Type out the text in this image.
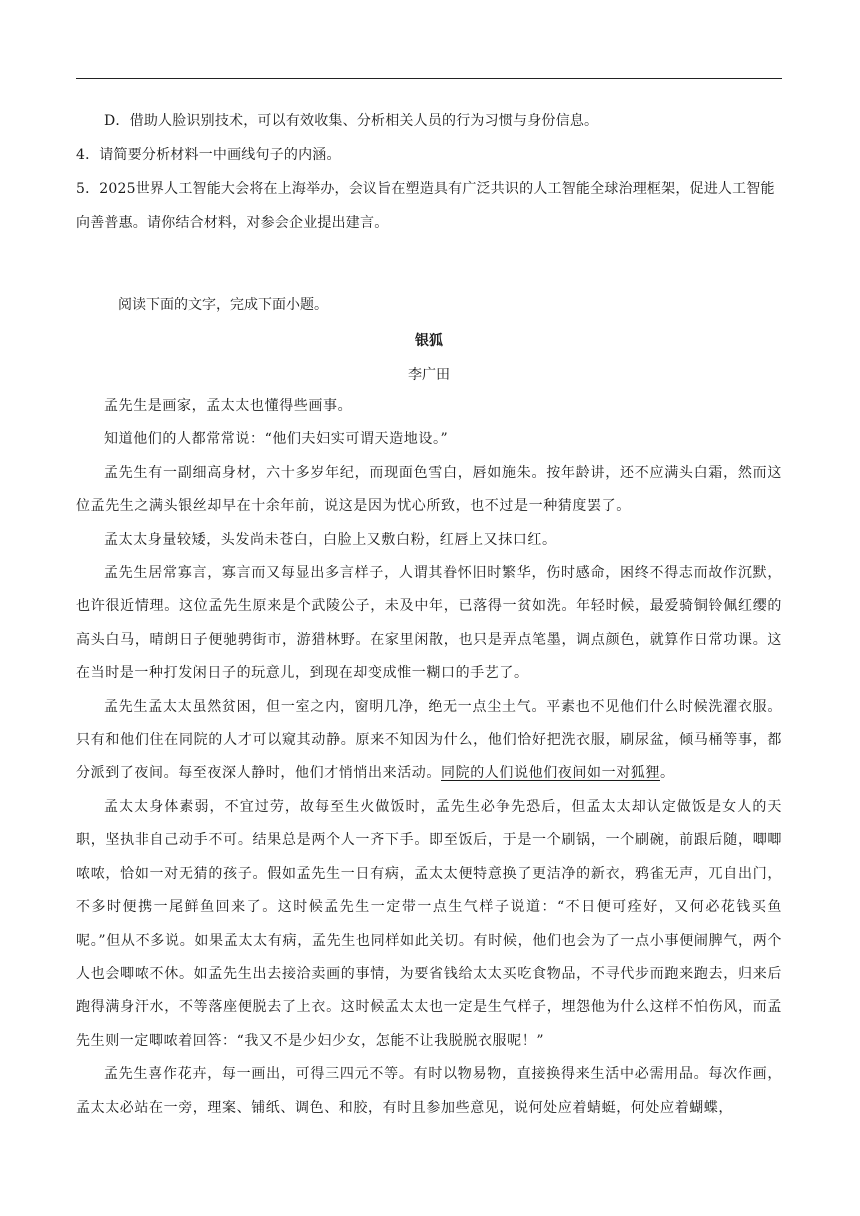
D．借助人脸识别技术，可以有效收集、分析相关人员的行为习惯与身份信息。

4．请简要分析材料一中画线句子的内涵。

5．2025世界人工智能大会将在上海举办，会议旨在塑造具有广泛共识的人工智能全球治理框架，促进人工智能向善普惠。请你结合材料，对参会企业提出建言。

阅读下面的文字，完成下面小题。

银狐

李广田

孟先生是画家，孟太太也懂得些画事。

知道他们的人都常常说：“他们夫妇实可谓天造地设。”

孟先生有一副细高身材，六十多岁年纪，而现面色雪白，唇如施朱。按年龄讲，还不应满头白霜，然而这位孟先生之满头银丝却早在十余年前，说这是因为忧心所致，也不过是一种猜度罢了。

孟太太身量较矮，头发尚未苍白，白脸上又敷白粉，红唇上又抹口红。

孟先生居常寡言，寡言而又每显出多言样子，人谓其眷怀旧时繁华，伤时感命，困终不得志而故作沉默，也许很近情理。这位孟先生原来是个武陵公子，未及中年，已落得一贫如洗。年轻时候，最爱骑铜铃佩红缨的高头白马，晴朗日子便驰骋街市，游猎林野。在家里闲散，也只是弄点笔墨，调点颜色，就算作日常功课。这在当时是一种打发闲日子的玩意儿，到现在却变成惟一糊口的手艺了。

孟先生孟太太虽然贫困，但一室之内，窗明几净，绝无一点尘土气。平素也不见他们什么时候洗濯衣服。只有和他们住在同院的人才可以窥其动静。原来不知因为什么，他们恰好把洗衣服，刷尿盆，倾马桶等事，都分派到了夜间。每至夜深人静时，他们才悄悄出来活动。同院的人们说他们夜间如一对狐狸。

孟太太身体素弱，不宜过劳，故每至生火做饭时，孟先生必争先恐后，但孟太太却认定做饭是女人的天职，坚执非自己动手不可。结果总是两个人一齐下手。即至饭后，于是一个刷锅，一个刷碗，前跟后随，唧唧哝哝，恰如一对无猜的孩子。假如孟先生一日有病，孟太太便特意换了更洁净的新衣，鸦雀无声，兀自出门，不多时便携一尾鲜鱼回来了。这时候孟先生一定带一点生气样子说道：“不日便可痊好，又何必花钱买鱼呢。”但从不多说。如果孟太太有病，孟先生也同样如此关切。有时候，他们也会为了一点小事便闹脾气，两个人也会唧哝不休。如孟先生出去接洽卖画的事情，为要省钱给太太买吃食物品，不寻代步而跑来跑去，归来后跑得满身汗水，不等落座便脱去了上衣。这时候孟太太也一定是生气样子，埋怨他为什么这样不怕伤风，而孟先生则一定唧哝着回答：“我又不是少妇少女，怎能不让我脱脱衣服呢！”

孟先生喜作花卉，每一画出，可得三四元不等。有时以物易物，直接换得来生活中必需用品。每次作画，孟太太必站在一旁，理案、铺纸、调色、和胶，有时且参加些意见，说何处应着蜻蜓，何处应着蝴蝶，
